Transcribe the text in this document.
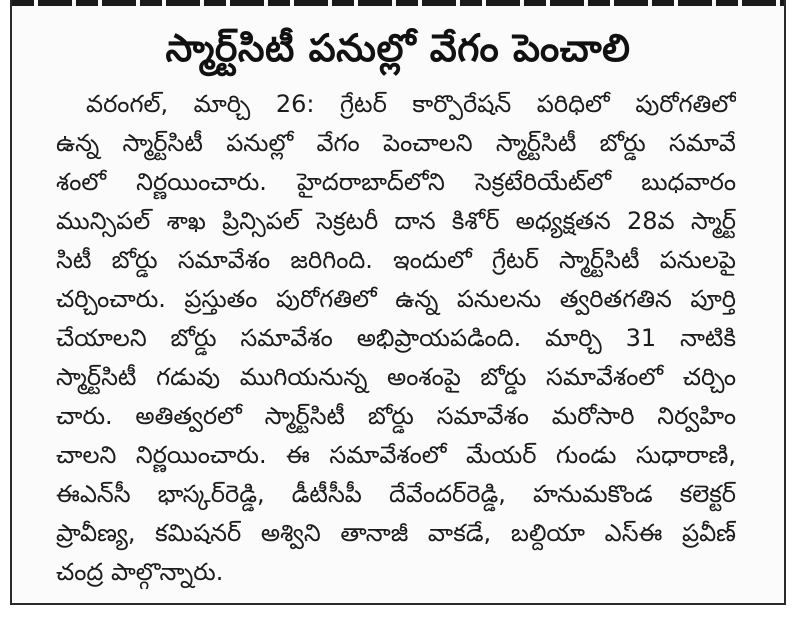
స్మార్ట్‌సిటీ పనుల్లో వేగం పెంచాలి
వరంగల్, మార్చి 26: గ్రేటర్ కార్పొరేషన్ పరిధిలో పురోగతిలో
ఉన్న స్మార్ట్‌సిటీ పనుల్లో వేగం పెంచాలని స్మార్ట్‌సిటీ బోర్డు సమావే
శంలో నిర్ణయించారు. హైదరాబాద్‌లోని సెక్రటేరియేట్‌లో బుధవారం
మున్సిపల్ శాఖ ప్రిన్సిపల్ సెక్రటరీ దాన కిశోర్ అధ్యక్షతన 28వ స్మార్ట్
సిటీ బోర్డు సమావేశం జరిగింది. ఇందులో గ్రేటర్ స్మార్ట్‌సిటీ పనులపై
చర్చించారు. ప్రస్తుతం పురోగతిలో ఉన్న పనులను త్వరితగతిన పూర్తి
చేయాలని బోర్డు సమావేశం అభిప్రాయపడింది. మార్చి 31 నాటికి
స్మార్ట్‌సిటీ గడువు ముగియనున్న అంశంపై బోర్డు సమావేశంలో చర్చిం
చారు. అతిత్వరలో స్మార్ట్‌సిటీ బోర్డు సమావేశం మరోసారి నిర్వహిం
చాలని నిర్ణయించారు. ఈ సమావేశంలో మేయర్ గుండు సుధారాణి,
ఈఎన్‌సీ భాస్కర్‌రెడ్డి, డీటీసీపీ దేవేందర్‌రెడ్డి, హనుమకొండ కలెక్టర్
ప్రావీణ్య, కమిషనర్ అశ్విని తానాజీ వాకడే, బల్దియా ఎస్ఈ ప్రవీణ్
చంద్ర పాల్గొన్నారు.
